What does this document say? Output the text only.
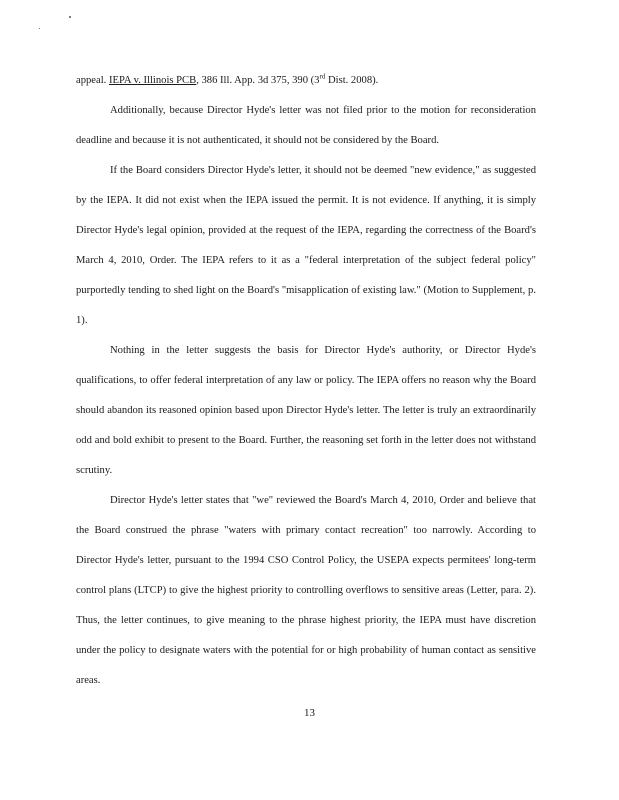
appeal. IEPA v. Illinois PCB, 386 Ill. App. 3d 375, 390 (3rd Dist. 2008).

Additionally, because Director Hyde's letter was not filed prior to the motion for reconsideration deadline and because it is not authenticated, it should not be considered by the Board.

If the Board considers Director Hyde's letter, it should not be deemed "new evidence," as suggested by the IEPA. It did not exist when the IEPA issued the permit. It is not evidence. If anything, it is simply Director Hyde's legal opinion, provided at the request of the IEPA, regarding the correctness of the Board's March 4, 2010, Order. The IEPA refers to it as a "federal interpretation of the subject federal policy" purportedly tending to shed light on the Board's "misapplication of existing law." (Motion to Supplement, p. 1).

Nothing in the letter suggests the basis for Director Hyde's authority, or Director Hyde's qualifications, to offer federal interpretation of any law or policy. The IEPA offers no reason why the Board should abandon its reasoned opinion based upon Director Hyde's letter. The letter is truly an extraordinarily odd and bold exhibit to present to the Board. Further, the reasoning set forth in the letter does not withstand scrutiny.

Director Hyde's letter states that "we" reviewed the Board's March 4, 2010, Order and believe that the Board construed the phrase "waters with primary contact recreation" too narrowly. According to Director Hyde's letter, pursuant to the 1994 CSO Control Policy, the USEPA expects permitees' long-term control plans (LTCP) to give the highest priority to controlling overflows to sensitive areas (Letter, para. 2). Thus, the letter continues, to give meaning to the phrase highest priority, the IEPA must have discretion under the policy to designate waters with the potential for or high probability of human contact as sensitive areas.

13
